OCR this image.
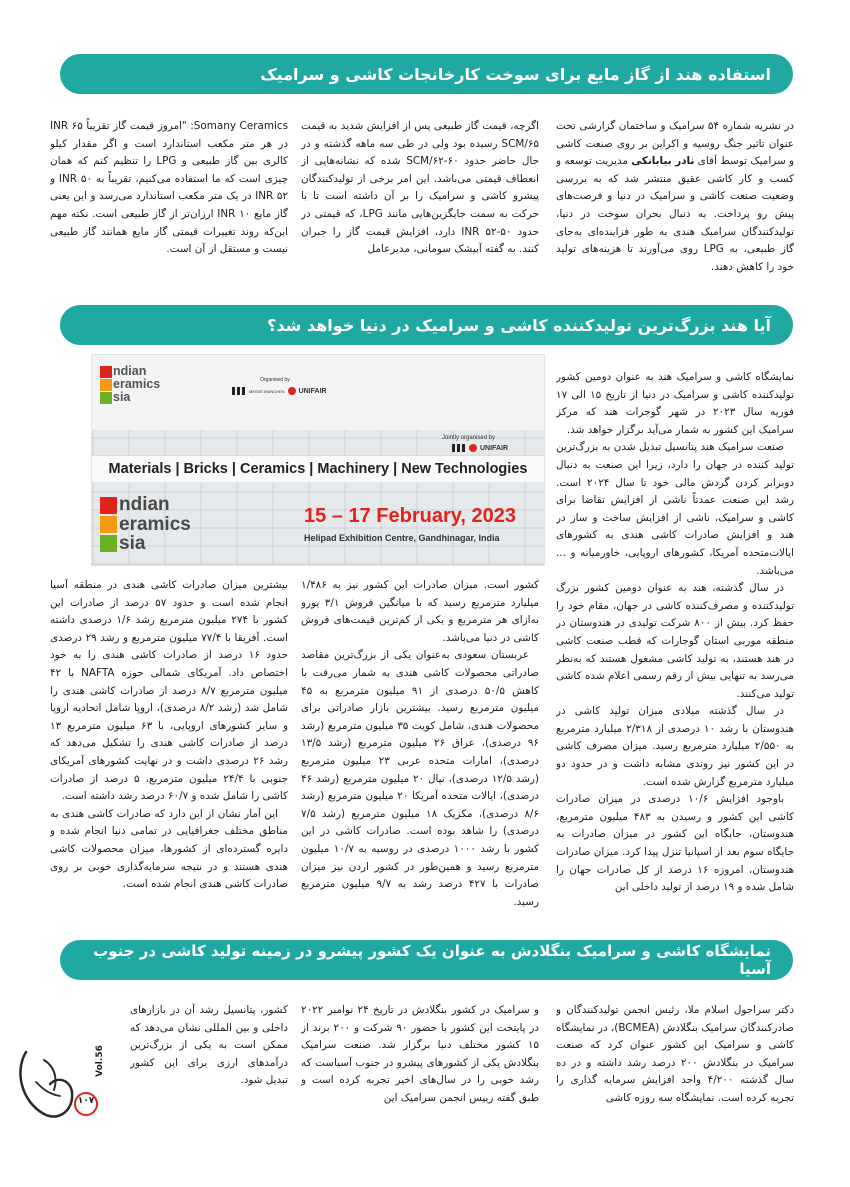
استفاده هند از گاز مایع برای سوخت کارخانجات کاشی و سرامیک

در نشریه شماره ۵۴ سرامیک و ساختمان گزارشی تحت عنوان تاثیر جنگ روسیه و اکراین بر روی صنعت کاشی و سرامیک توسط آقای نادر بیابانکی مدیریت توسعه و کسب و کار کاشی عقیق منتشر شد که به بررسی وضعیت صنعت کاشی و سرامیک در دنیا و فرصت‌های پیش رو پرداخت. به دنبال بحران سوخت در دنیا، تولیدکنندگان سرامیک هندی به طور فزاینده‌ای به‌جای گاز طبیعی، به LPG روی می‌آورند تا هزینه‌های تولید خود را کاهش دهند.

اگرچه، قیمت گاز طبیعی پس از افزایش شدید به قیمت SCM/۶۵ رسیده بود ولی در طی سه ماهه گذشته و در حال حاضر حدود ۶۰-SCM/۶۲ شده که نشانه‌هایی از انعطاف قیمتی می‌باشد. این امر برخی از تولیدکنندگان پیشرو کاشی و سرامیک را بر آن داشته است تا با حرکت به سمت جایگزین‌هایی مانند LPG، که قیمتی در حدود ۵۰-۵۲ INR دارد، افزایش قیمت گاز را جبران کنند. به گفته آبیشک سومانی، مدیرعامل

Somany Ceramics: "امروز قیمت گاز تقریباً ۶۵ INR در هر متر مکعب استاندارد است و اگر مقدار کیلو کالری بین گاز طبیعی و LPG را تنظیم کنم که همان چیزی است که ما استفاده می‌کنیم، تقریباً به ۵۰ INR و ۵۲ INR در یک متر مکعب استاندارد می‌رسد و این یعنی گاز مایع ۱۰ INR ارزان‌تر از گاز طبیعی است. نکته مهم این‌که روند تغییرات قیمتی گاز مایع همانند گاز طبیعی نیست و مستقل از آن است.

آیا هند بزرگ‌ترین تولیدکننده کاشی و سرامیک در دنیا خواهد شد؟

نمایشگاه کاشی و سرامیک هند به عنوان دومین کشور تولیدکننده کاشی و سرامیک در دنیا از تاریخ ۱۵ الی ۱۷ فوریه سال ۲۰۲۳ در شهر گوجرات هند که مرکز سرامیک این کشور به شمار می‌آید برگزار خواهد شد.

صنعت سرامیک هند پتانسیل تبدیل شدن به بزرگ‌ترین تولید کننده در جهان را دارد، زیرا این صنعت به دنبال دوبرابر کردن گردش مالی خود تا سال ۲۰۲۴ است. رشد این صنعت عمدتاً ناشی از افزایش تقاضا برای کاشی و سرامیک، ناشی از افزایش ساخت و ساز در هند و افزایش صادرات کاشی هندی به کشورهای ایالات‌متحده آمریکا، کشورهای اروپایی، خاورمیانه و ... می‌باشد.

در سال گذشته، هند به عنوان دومین کشور بزرگ تولیدکننده و مصرف‌کننده کاشی در جهان، مقام خود را حفظ کرد. بیش از ۸۰۰ شرکت تولیدی در هندوستان در منطقه موربی استان گوجارات که قطب صنعت کاشی در هند هستند، به تولید کاشی مشغول هستند که به‌نظر می‌رسد به تنهایی بیش از رقم رسمی اعلام شده کاشی تولید می‌کنند.

در سال گذشته میلادی میزان تولید کاشی در هندوستان با رشد ۱۰ درصدی از ۲/۳۱۸ میلیارد مترمربع به ۲/۵۵۰ میلیارد مترمربع رسید. میزان مصرف کاشی در این کشور نیز روندی مشابه داشت و در حدود دو میلیارد مترمربع گزارش شده است.

باوجود افزایش ۱۰/۶ درصدی در میزان صادرات کاشی این کشور و رسیدن به ۴۸۳ میلیون مترمربع، هندوستان، جایگاه این کشور در میزان صادرات به جایگاه سوم بعد از اسپانیا تنزل پیدا کرد. میزان صادرات هندوستان، امروزه ۱۶ درصد از کل صادرات جهان را شامل شده و ۱۹ درصد از تولید داخلی این

ndian
eramics
sia
Organised by
MESSE MÜNCHEN UNIFAIR
Jointly organised by
UNIFAIR
Materials | Bricks | Ceramics | Machinery | New Technologies
ndian
eramics
sia
15 – 17 February, 2023
Helipad Exhibition Centre, Gandhinagar, India

کشور است. میزان صادرات این کشور نیز به ۱/۴۸۶ میلیارد مترمربع رسید که با میانگین فروش ۳/۱ یورو به‌ازای هر مترمربع و یکی از کم‌ترین قیمت‌های فروش کاشی در دنیا می‌باشد.

عربستان سعودی به‌عنوان یکی از بزرگ‌ترین مقاصد صادراتی محصولات کاشی هندی به شمار می‌رفت با کاهش ۵۰/۵ درصدی از ۹۱ میلیون مترمربع به ۴۵ میلیون مترمربع رسید. بیشترین بازار صادراتی برای محصولات هندی، شامل کویت ۳۵ میلیون مترمربع (رشد ۹۶ درصدی)، عراق ۲۶ میلیون مترمربع (رشد ۱۳/۵ درصدی)، امارات متحده عربی ۲۳ میلیون مترمربع (رشد ۱۲/۵ درصدی)، نپال ۲۰ میلیون مترمربع (رشد ۴۶ درصدی)، ایالات متحده آمریکا ۲۰ میلیون مترمربع (رشد ۸/۶ درصدی)، مکزیک ۱۸ میلیون مترمربع (رشد ۷/۵ درصدی) را شاهد بوده است. صادرات کاشی در این کشور با رشد ۱۰۰۰ درصدی در روسیه به ۱۰/۷ میلیون مترمربع رسید و همین‌طور در کشور اردن نیز میزان صادرات با ۴۲۷ درصد رشد به ۹/۷ میلیون مترمربع رسید.

بیشترین میزان صادرات کاشی هندی در منطقه آسیا انجام شده است و حدود ۵۷ درصد از صادرات این کشور با ۲۷۴ میلیون مترمربع رشد ۱/۶ درصدی داشته است. آفریقا با ۷۷/۴ میلیون مترمربع و رشد ۲۹ درصدی حدود ۱۶ درصد از صادرات کاشی هندی را به خود اختصاص داد. آمریکای شمالی حوزه NAFTA با ۴۲ میلیون مترمربع ۸/۷ درصد از صادرات کاشی هندی را شامل شد (رشد ۸/۲ درصدی)، اروپا شامل اتحادیه اروپا و سایر کشورهای اروپایی، با ۶۳ میلیون مترمربع ۱۳ درصد از صادرات کاشی هندی را تشکیل می‌دهد که رشد ۲۶ درصدی داشت و در نهایت کشورهای آمریکای جنوبی با ۲۴/۴ میلیون مترمربع، ۵ درصد از صادرات کاشی را شامل شده و ۶۰/۷ درصد رشد داشته است.

این آمار نشان از این دارد که صادرات کاشی هندی به مناطق مختلف جغرافیایی در تمامی دنیا انجام شده و دایره گسترده‌ای از کشورها، میزان محصولات کاشی هندی هستند و در نتیجه سرمایه‌گذاری خوبی بر روی صادرات کاشی هندی انجام شده است.

نمایشگاه کاشی و سرامیک بنگلادش به عنوان یک کشور پیشرو در زمینه تولید کاشی در جنوب آسیا

دکتر سراجول اسلام ملا، رئیس انجمن تولیدکنندگان و صادرکنندگان سرامیک بنگلادش (BCMEA)، در نمایشگاه کاشی و سرامیک این کشور عنوان کرد که صنعت سرامیک در بنگلادش ۲۰۰ درصد رشد داشته و در ده سال گذشته ۴/۲۰۰ واحد افزایش سرمایه گذاری را تجربه کرده است. نمایشگاه سه روزه کاشی

و سرامیک در کشور بنگلادش در تاریخ ۲۴ نوامبر ۲۰۲۲ در پایتخت این کشور با حضور ۹۰ شرکت و ۲۰۰ برند از ۱۵ کشور مختلف دنیا برگزار شد. صنعت سرامیک بنگلادش یکی از کشورهای پیشرو در جنوب آسیاست که رشد خوبی را در سال‌های اخیر تجربه کرده است و طبق گفته رییس انجمن سرامیک این

کشور، پتانسیل رشد آن در بازارهای داخلی و بین المللی نشان می‌دهد که ممکن است به یکی از بزرگ‌ترین درآمدهای ارزی برای این کشور تبدیل شود.

۱۰۷
Vol.56
